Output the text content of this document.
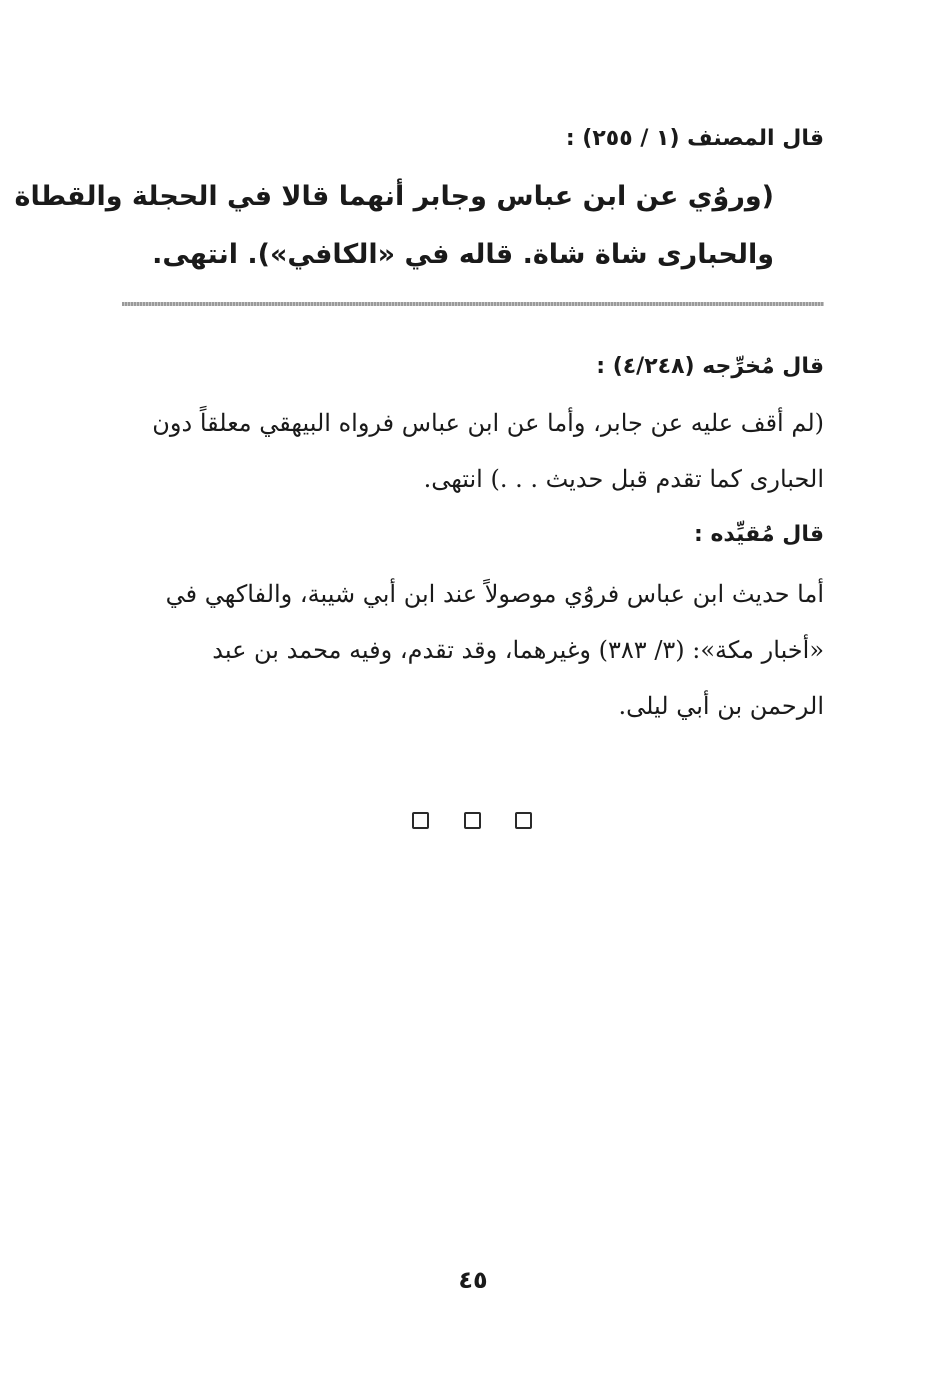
قال المصنف (١ / ٢٥٥) :
(وروُي عن ابن عباس وجابر أنهما قالا في الحجلة والقطاة
والحبارى شاة شاة. قاله في «الكافي»). انتهى.
قال مُخرِّجه (٤/٢٤٨) :
(لم أقف عليه عن جابر، وأما عن ابن عباس فرواه البيهقي معلقاً دون
الحبارى كما تقدم قبل حديث . . .) انتهى.
قال مُقيِّده :
أما حديث ابن عباس فروُي موصولاً عند ابن أبي شيبة، والفاكهي في
«أخبار مكة»: (٣/ ٣٨٣) وغيرهما، وقد تقدم، وفيه محمد بن عبد
الرحمن بن أبي ليلى.
٤٥
